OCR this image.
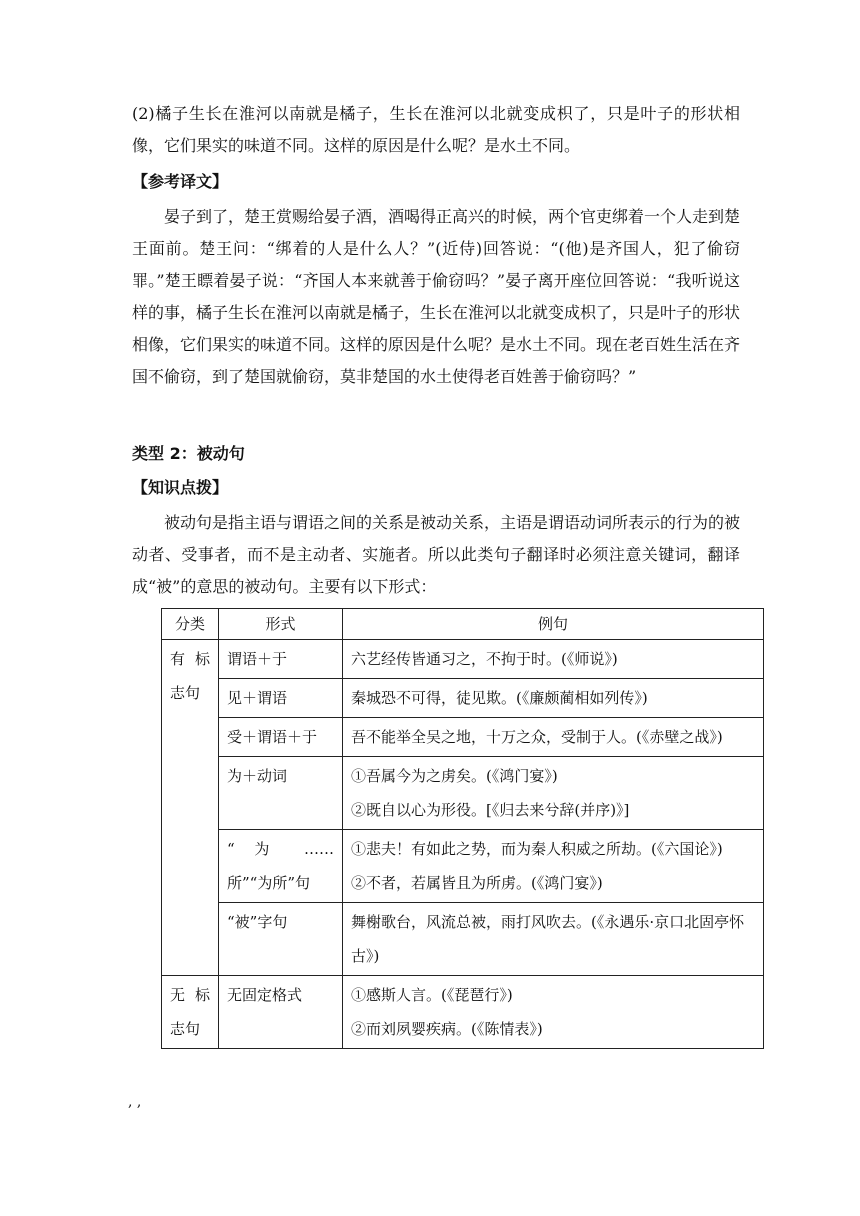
(2)橘子生长在淮河以南就是橘子，生长在淮河以北就变成枳了，只是叶子的形状相像，它们果实的味道不同。这样的原因是什么呢？是水土不同。

【参考译文】

晏子到了，楚王赏赐给晏子酒，酒喝得正高兴的时候，两个官吏绑着一个人走到楚王面前。楚王问：“绑着的人是什么人？”(近侍)回答说：“(他)是齐国人，犯了偷窃罪。”楚王瞟着晏子说：“齐国人本来就善于偷窃吗？”晏子离开座位回答说：“我听说这样的事，橘子生长在淮河以南就是橘子，生长在淮河以北就变成枳了，只是叶子的形状相像，它们果实的味道不同。这样的原因是什么呢？是水土不同。现在老百姓生活在齐国不偷窃，到了楚国就偷窃，莫非楚国的水土使得老百姓善于偷窃吗？”

类型 2：被动句

【知识点拨】

被动句是指主语与谓语之间的关系是被动关系，主语是谓语动词所表示的行为的被动者、受事者，而不是主动者、实施者。所以此类句子翻译时必须注意关键词，翻译成“被”的意思的被动句。主要有以下形式：

分类	形式	例句
有 标志句	谓语＋于	六艺经传皆通习之，不拘于时。(《师说》)

	见＋谓语	秦城恐不可得，徒见欺。(《廉颇蔺相如列传》)

	受＋谓语＋于	吾不能举全吴之地，十万之众，受制于人。(《赤壁之战》)

	为＋动词	①吾属今为之虏矣。(《鸿门宴》)
②既自以心为形役。[《归去来兮辞(并序)》]

	“ 为 ……所”“为所”句	①悲夫！有如此之势，而为秦人积威之所劫。(《六国论》)
②不者，若属皆且为所虏。(《鸿门宴》)

	“被”字句	舞榭歌台，风流总被，雨打风吹去。(《永遇乐·京口北固亭怀古》)

无 标志句	无固定格式	①感斯人言。(《琵琶行》)
②而刘夙婴疾病。(《陈情表》)
, ,
